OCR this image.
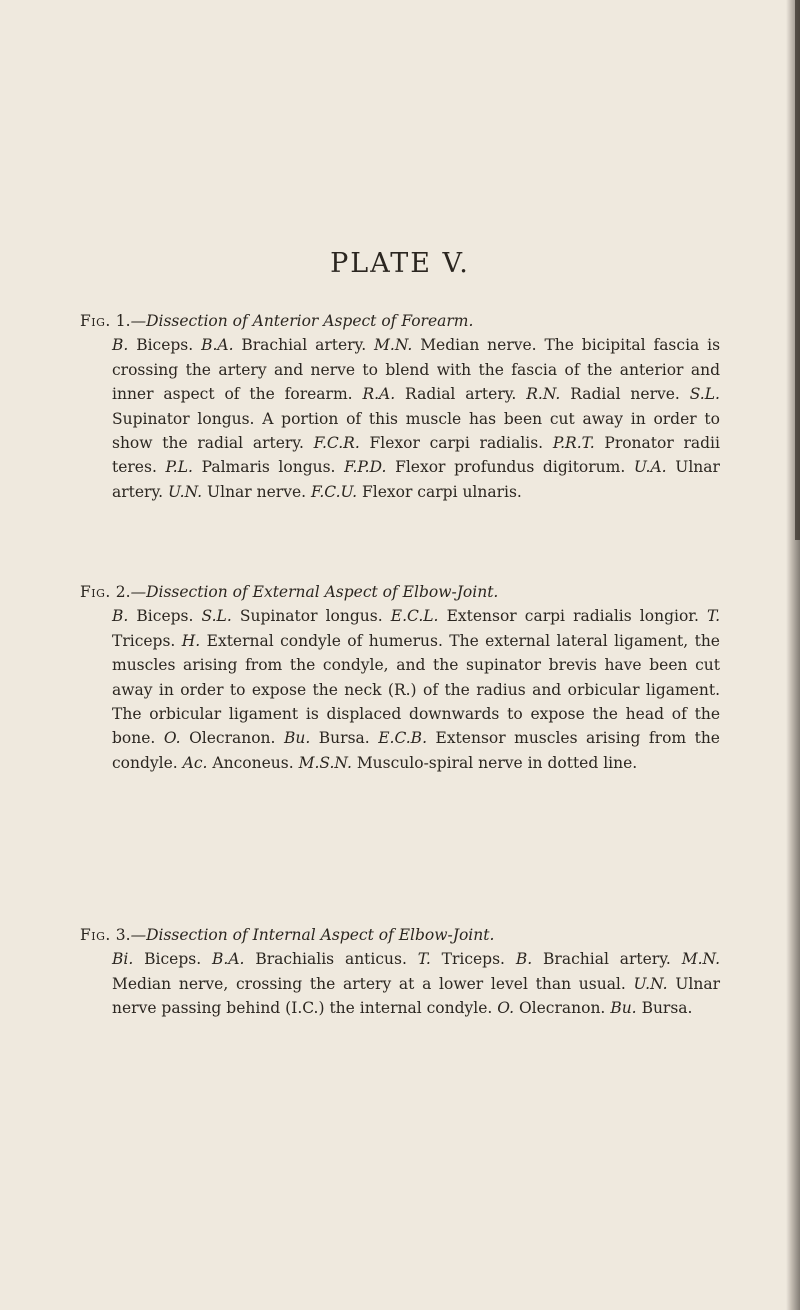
PLATE V.

Fig. 1.—Dissection of Anterior Aspect of Forearm.

B. Biceps. B.A. Brachial artery. M.N. Median nerve. The bicipital fascia is crossing the artery and nerve to blend with the fascia of the anterior and inner aspect of the forearm. R.A. Radial artery. R.N. Radial nerve. S.L. Supinator longus. A portion of this muscle has been cut away in order to show the radial artery. F.C.R. Flexor carpi radialis. P.R.T. Pronator radii teres. P.L. Palmaris longus. F.P.D. Flexor profundus digitorum. U.A. Ulnar artery. U.N. Ulnar nerve. F.C.U. Flexor carpi ulnaris.

Fig. 2.—Dissection of External Aspect of Elbow-Joint.

B. Biceps. S.L. Supinator longus. E.C.L. Extensor carpi radialis longior. T. Triceps. H. External condyle of humerus. The external lateral ligament, the muscles arising from the condyle, and the supinator brevis have been cut away in order to expose the neck (R.) of the radius and orbicular ligament. The orbicular ligament is displaced downwards to expose the head of the bone. O. Olecranon. Bu. Bursa. E.C.B. Extensor muscles arising from the condyle. Ac. Anconeus. M.S.N. Musculo-spiral nerve in dotted line.

Fig. 3.—Dissection of Internal Aspect of Elbow-Joint.

Bi. Biceps. B.A. Brachialis anticus. T. Triceps. B. Brachial artery. M.N. Median nerve, crossing the artery at a lower level than usual. U.N. Ulnar nerve passing behind (I.C.) the internal condyle. O. Olecranon. Bu. Bursa.
